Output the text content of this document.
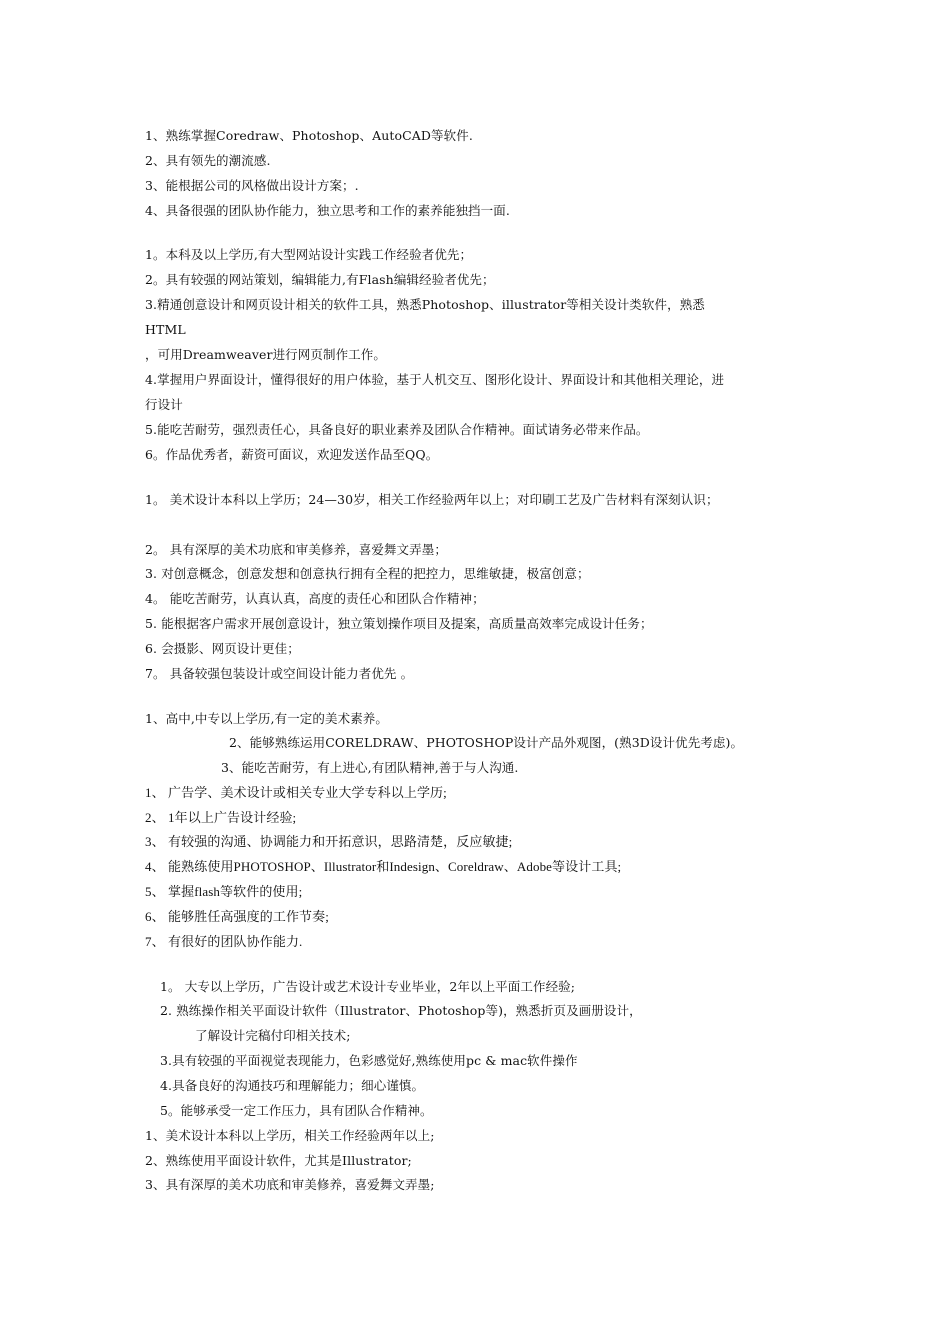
1、熟练掌握Coredraw、Photoshop、AutoCAD等软件.
2、具有领先的潮流感.
3、能根据公司的风格做出设计方案；.
4、具备很强的团队协作能力，独立思考和工作的素养能独挡一面.
1。本科及以上学历,有大型网站设计实践工作经验者优先；
2。具有较强的网站策划，编辑能力,有Flash编辑经验者优先；
3.精通创意设计和网页设计相关的软件工具，熟悉Photoshop、illustrator等相关设计类软件，熟悉
HTML
，可用Dreamweaver进行网页制作工作。
4.掌握用户界面设计，懂得很好的用户体验，基于人机交互、图形化设计、界面设计和其他相关理论，进
行设计
5.能吃苦耐劳，强烈责任心，具备良好的职业素养及团队合作精神。面试请务必带来作品。
6。作品优秀者，薪资可面议，欢迎发送作品至QQ。
1。 美术设计本科以上学历；24—30岁，相关工作经验两年以上；对印刷工艺及广告材料有深刻认识；
2。 具有深厚的美术功底和审美修养，喜爱舞文弄墨；
3. 对创意概念，创意发想和创意执行拥有全程的把控力，思维敏捷，极富创意；
4。 能吃苦耐劳，认真认真，高度的责任心和团队合作精神；
5. 能根据客户需求开展创意设计，独立策划操作项目及提案，高质量高效率完成设计任务；
6. 会摄影、网页设计更佳；
7。 具备较强包装设计或空间设计能力者优先 。
1、高中,中专以上学历,有一定的美术素养。
2、能够熟练运用CORELDRAW、PHOTOSHOP设计产品外观图，(熟3D设计优先考虑)。
3、能吃苦耐劳，有上进心,有团队精神,善于与人沟通.
1、 广告学、美术设计或相关专业大学专科以上学历;
2、 1年以上广告设计经验;
3、 有较强的沟通、协调能力和开拓意识，思路清楚，反应敏捷;
4、 能熟练使用PHOTOSHOP、Illustrator和Indesign、Coreldraw、Adobe等设计工具;
5、 掌握flash等软件的使用;
6、 能够胜任高强度的工作节奏;
7、 有很好的团队协作能力.
1。 大专以上学历，广告设计或艺术设计专业毕业，2年以上平面工作经验;
2. 熟练操作相关平面设计软件（Illustrator、Photoshop等)，熟悉折页及画册设计，
了解设计完稿付印相关技术;
3.具有较强的平面视觉表现能力，色彩感觉好,熟练使用pc & mac软件操作
4.具备良好的沟通技巧和理解能力；细心谨慎。
5。能够承受一定工作压力，具有团队合作精神。
1、美术设计本科以上学历，相关工作经验两年以上;
2、熟练使用平面设计软件，尤其是Illustrator;
3、具有深厚的美术功底和审美修养，喜爱舞文弄墨;
